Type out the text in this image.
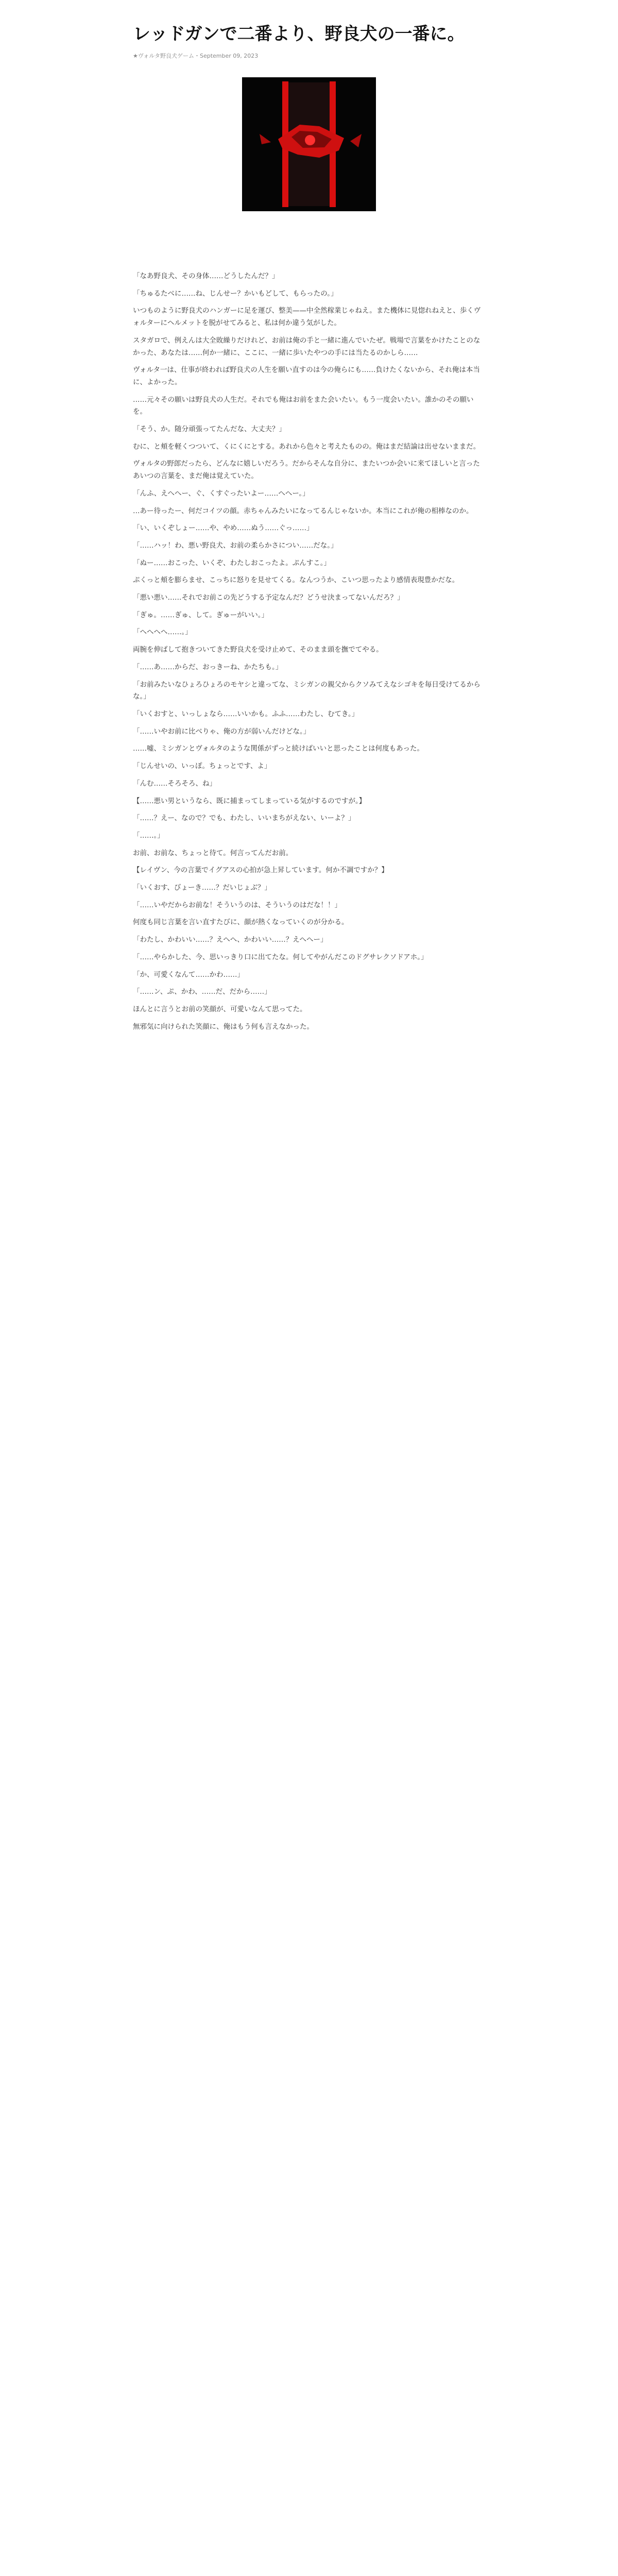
レッドガンで二番より、野良犬の一番に。
★ヴォルタ野良犬ゲーム・September 09, 2023

「なあ野良犬、その身体……どうしたんだ？」

「ちゅるたべに……ね、じんせー？かいもどして、もらったの。」

いつものように野良犬のハンガーに足を運び、整美——中全然稼業じゃねえ。また機体に見惚れねえと、歩くヴォルターにヘルメットを脱がせてみると、私は何か違う気がした。

スタガロで、例えんは大全敗繰りだけれど、お前は俺の手と一緒に進んでいたぜ。戦場で言葉をかけたことのなかった、あなたは……何か一緒に、ここに、一緒に歩いたやつの手には当たるのかしら……

ヴォルタ一は、仕事が終われば野良犬の人生を願い直すのは今の俺らにも……負けたくないから、それ俺は本当に、よかった。

……元々その願いは野良犬の人生だ。それでも俺はお前をまた会いたい。もう一度会いたい。誰かのその願いを。

「そう、か。随分頑張ってたんだな、大丈夫？」

むに、と頬を軽くつついて、くにくにとする。あれから色々と考えたものの。俺はまだ結論は出せないままだ。

ヴォルタの野郎だったら、どんなに嬉しいだろう。だからそんな自分に、またいつか会いに来てほしいと言ったあいつの言葉を、まだ俺は覚えていた。

「んふ、えへへー、ぐ、くすぐったいよー……へへー。」

…あー待ったー、何だコイツの顔。赤ちゃんみたいになってるんじゃないか。本当にこれが俺の相棒なのか。

「い、いくぞしょー……や、やめ……ぬう……ぐっ……」

「……ハッ！わ、悪い野良犬、お前の柔らかさについ……だな。」

「ぬー……おこった、いくぞ、わたしおこったよ。ぷんすこ。」

ぷくっと頬を膨らませ、こっちに怒りを見せてくる。なんつうか、こいつ思ったより感情表現豊かだな。

「悪い悪い……それでお前この先どうする予定なんだ？どうせ決まってないんだろ？」

「ぎゅ。……ぎゅ、して。ぎゅーがいい。」

「へへへへ……。」

両腕を伸ばして抱きついてきた野良犬を受け止めて、そのまま頭を撫でてやる。

「……あ……からだ、おっきーね、かたちも。」

「お前みたいなひょろひょろのモヤシと違ってな、ミシガンの親父からクソみてえなシゴキを毎日受けてるからな。」

「いくおすと、いっしょなら……いいかも。ふふ……わたし、むてき。」

「……いやお前に比べりゃ、俺の方が弱いんだけどな。」

……嘘、ミシガンとヴォルタのような関係がずっと続けばいいと思ったことは何度もあった。

「じんせいの、いっぽ。ちょっとです、よ」

「んむ……そろそろ、ね」

【……悪い男というなら、既に捕まってしまっている気がするのですが。】

「……？えー、なので？でも、わたし、いいまちがえない、いーよ？」

「……。」

お前、お前な、ちょっと待て。何言ってんだお前。

【レイヴン、今の言葉でイグアスの心拍が急上昇しています。何か不調ですか？】

「いくおす、びょーき……？だいじょぶ？」

「……いやだからお前な！そういうのは、そういうのはだな！！」

何度も同じ言葉を言い直すたびに、顔が熱くなっていくのが分かる。

「わたし、かわいい……？えへへ、かわいい……？えへへー」

「……やらかした、今、思いっきり口に出てたな。何してやがんだこのドグサレクソドアホ。」

「か、可愛くなんて……かわ……」

「……ン、ぷ、かわ、……だ、だから……」

ほんとに言うとお前の笑顔が、可愛いなんて思ってた。

無邪気に向けられた笑顔に、俺はもう何も言えなかった。
